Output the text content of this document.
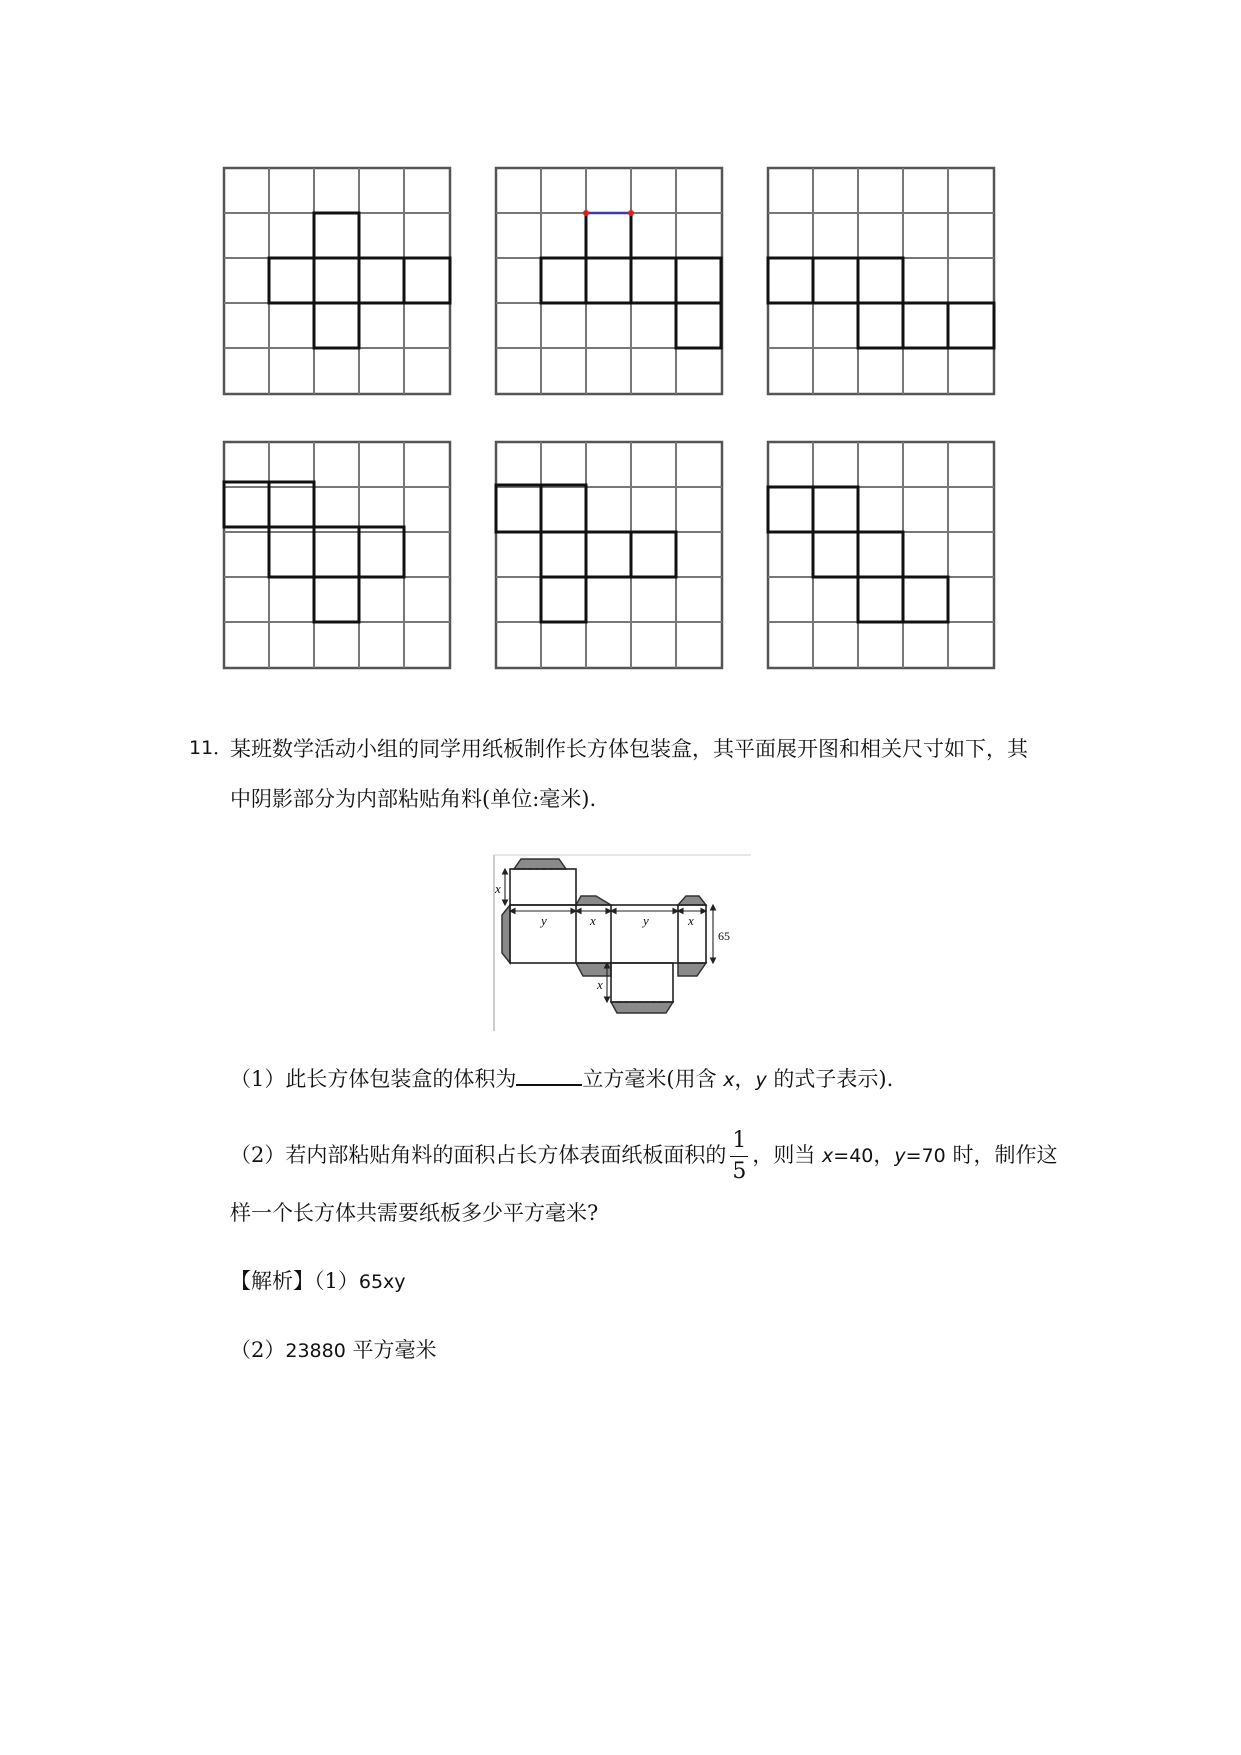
11．
某班数学活动小组的同学用纸板制作长方体包装盒，其平面展开图和相关尺寸如下，其
中阴影部分为内部粘贴角料(单位:毫米).
x
y	x	y	x
x
65
（1）此长方体包装盒的体积为	立方毫米(用含 x，y 的式子表示).
（2）若内部粘贴角料的面积占长方体表面纸板面积的 $\frac{1}{5}$ ，则当 x=40，y=70 时，制作这
样一个长方体共需要纸板多少平方毫米?
【解析】（1）65xy
（2）23880 平方毫米
